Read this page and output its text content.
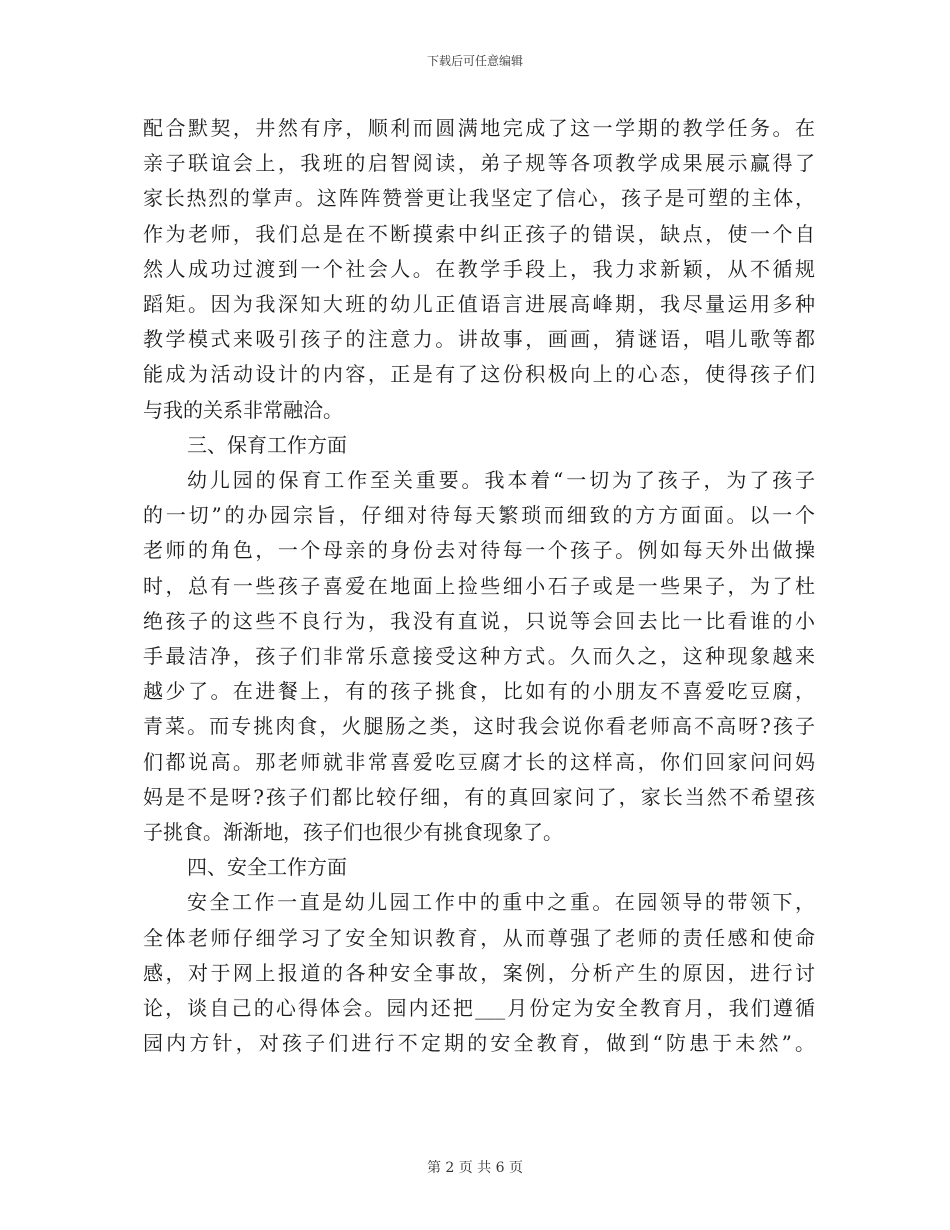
下载后可任意编辑
配合默契，井然有序，顺利而圆满地完成了这一学期的教学任务。在
亲子联谊会上，我班的启智阅读，弟子规等各项教学成果展示赢得了
家长热烈的掌声。这阵阵赞誉更让我坚定了信心，孩子是可塑的主体，
作为老师，我们总是在不断摸索中纠正孩子的错误，缺点，使一个自
然人成功过渡到一个社会人。在教学手段上，我力求新颖，从不循规
蹈矩。因为我深知大班的幼儿正值语言进展高峰期，我尽量运用多种
教学模式来吸引孩子的注意力。讲故事，画画，猜谜语，唱儿歌等都
能成为活动设计的内容，正是有了这份积极向上的心态，使得孩子们
与我的关系非常融洽。
三、保育工作方面
幼儿园的保育工作至关重要。我本着“一切为了孩子，为了孩子
的一切”的办园宗旨，仔细对待每天繁琐而细致的方方面面。以一个
老师的角色，一个母亲的身份去对待每一个孩子。例如每天外出做操
时，总有一些孩子喜爱在地面上捡些细小石子或是一些果子，为了杜
绝孩子的这些不良行为，我没有直说，只说等会回去比一比看谁的小
手最洁净，孩子们非常乐意接受这种方式。久而久之，这种现象越来
越少了。在进餐上，有的孩子挑食，比如有的小朋友不喜爱吃豆腐，
青菜。而专挑肉食，火腿肠之类，这时我会说你看老师高不高呀?孩子
们都说高。那老师就非常喜爱吃豆腐才长的这样高，你们回家问问妈
妈是不是呀?孩子们都比较仔细，有的真回家问了，家长当然不希望孩
子挑食。渐渐地，孩子们也很少有挑食现象了。
四、安全工作方面
安全工作一直是幼儿园工作中的重中之重。在园领导的带领下，
全体老师仔细学习了安全知识教育，从而尊强了老师的责任感和使命
感，对于网上报道的各种安全事故，案例，分析产生的原因，进行讨
论，谈自己的心得体会。园内还把___月份定为安全教育月，我们遵循
园内方针，对孩子们进行不定期的安全教育，做到“防患于未然”。
第 2 页 共 6 页
